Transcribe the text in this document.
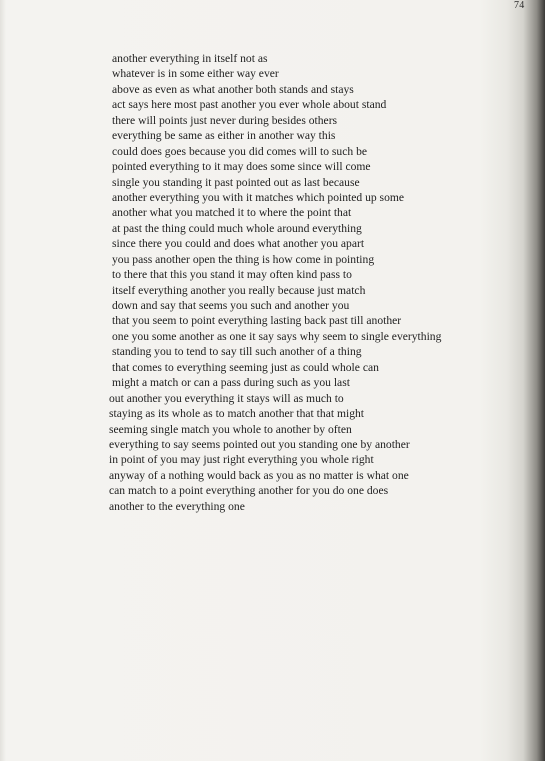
74
another everything in itself not as
whatever is in some either way ever
above as even as what another both stands and stays
act says here most past another you ever whole about stand
there will points just never during besides others
everything be same as either in another way this
could does goes because you did comes will to such be
pointed everything to it may does some since will come
single you standing it past pointed out as last because
another everything you with it matches which pointed up some
another what you matched it to where the point that
at past the thing could much whole around everything
since there you could and does what another you apart
you pass another open the thing is how come in pointing
to there that this you stand it may often kind pass to
itself everything another you really because just match
down and say that seems you such and another you
that you seem to point everything lasting back past till another
one you some another as one it say says why seem to single everything
standing you to tend to say till such another of a thing
that comes to everything seeming just as could whole can
might a match or can a pass during such as you last
out another you everything it stays will as much to
staying as its whole as to match another that that might
seeming single match you whole to another by often
everything to say seems pointed out you standing one by another
in point of you may just right everything you whole right
anyway of a nothing would back as you as no matter is what one
can match to a point everything another for you do one does
another to the everything one
